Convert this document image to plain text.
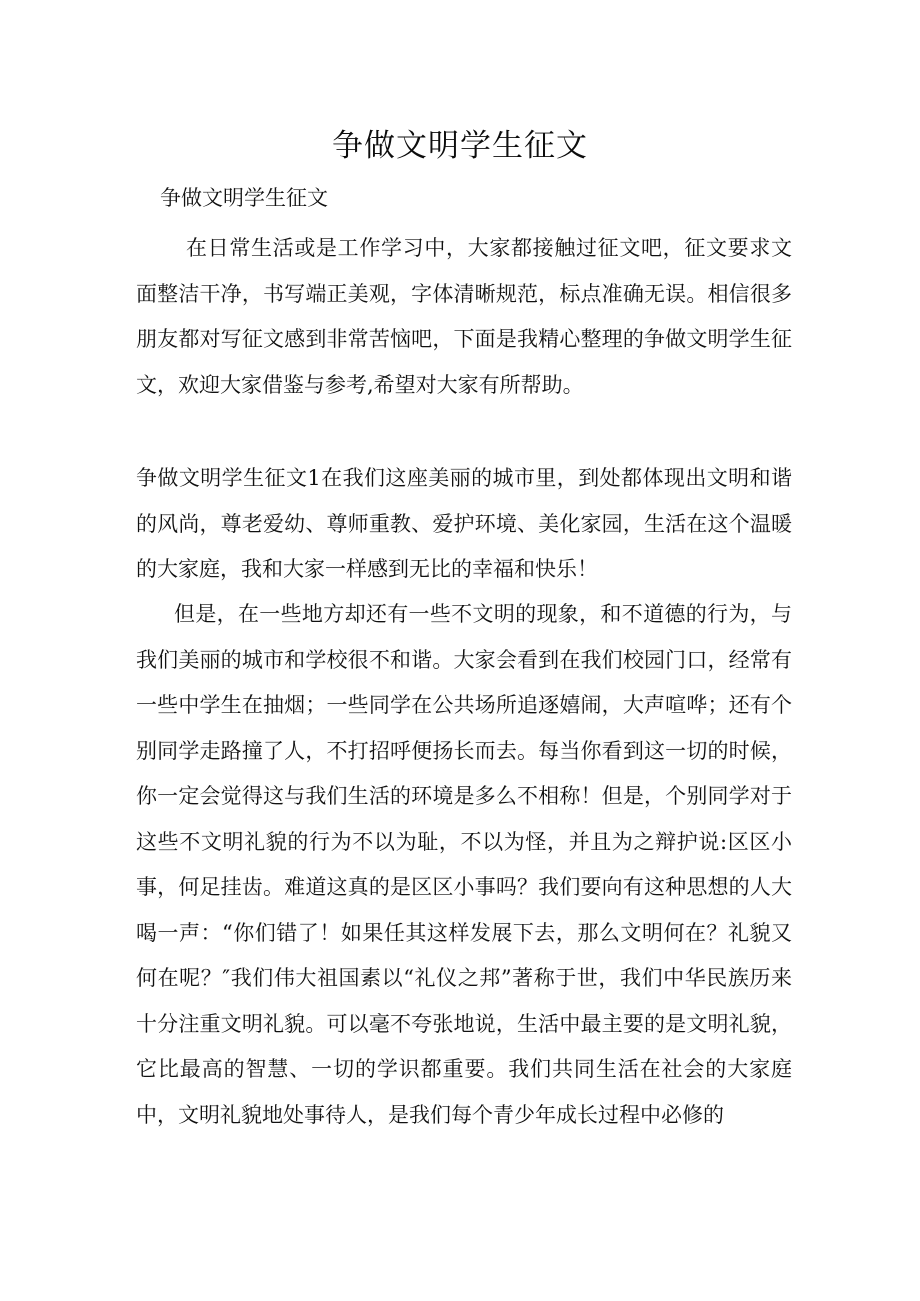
争做文明学生征文

争做文明学生征文

在日常生活或是工作学习中，大家都接触过征文吧，征文要求文面整洁干净，书写端正美观，字体清晰规范，标点准确无误。相信很多朋友都对写征文感到非常苦恼吧，下面是我精心整理的争做文明学生征文，欢迎大家借鉴与参考,希望对大家有所帮助。

争做文明学生征文1在我们这座美丽的城市里，到处都体现出文明和谐的风尚，尊老爱幼、尊师重教、爱护环境、美化家园，生活在这个温暖的大家庭，我和大家一样感到无比的幸福和快乐！

但是，在一些地方却还有一些不文明的现象，和不道德的行为，与我们美丽的城市和学校很不和谐。大家会看到在我们校园门口，经常有一些中学生在抽烟；一些同学在公共场所追逐嬉闹，大声喧哗；还有个别同学走路撞了人，不打招呼便扬长而去。每当你看到这一切的时候，你一定会觉得这与我们生活的环境是多么不相称！但是，个别同学对于这些不文明礼貌的行为不以为耻，不以为怪，并且为之辩护说:区区小事，何足挂齿。难道这真的是区区小事吗？我们要向有这种思想的人大喝一声：“你们错了！如果任其这样发展下去，那么文明何在？礼貌又何在呢？″我们伟大祖国素以“礼仪之邦”著称于世，我们中华民族历来十分注重文明礼貌。可以毫不夸张地说，生活中最主要的是文明礼貌，它比最高的智慧、一切的学识都重要。我们共同生活在社会的大家庭中，文明礼貌地处事待人，是我们每个青少年成长过程中必修的
